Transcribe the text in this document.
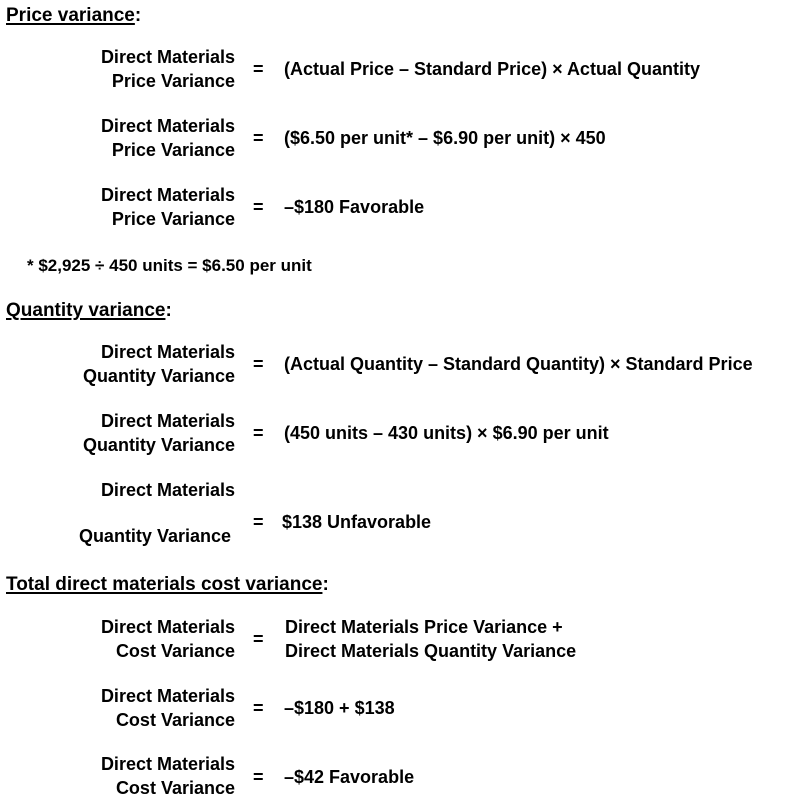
Price variance:
Direct Materials
Price Variance
= (Actual Price – Standard Price) × Actual Quantity
Direct Materials
Price Variance
= ($6.50 per unit* – $6.90 per unit) × 450
Direct Materials
Price Variance
= –$180 Favorable
* $2,925 ÷ 450 units = $6.50 per unit
Quantity variance:
Direct Materials
Quantity Variance
= (Actual Quantity – Standard Quantity) × Standard Price
Direct Materials
Quantity Variance
= (450 units – 430 units) × $6.90 per unit
Direct Materials
Quantity Variance
= $138 Unfavorable
Total direct materials cost variance:
Direct Materials
Cost Variance
=
Direct Materials Price Variance +
Direct Materials Quantity Variance
Direct Materials
Cost Variance
= –$180 + $138
Direct Materials
Cost Variance
= –$42 Favorable
